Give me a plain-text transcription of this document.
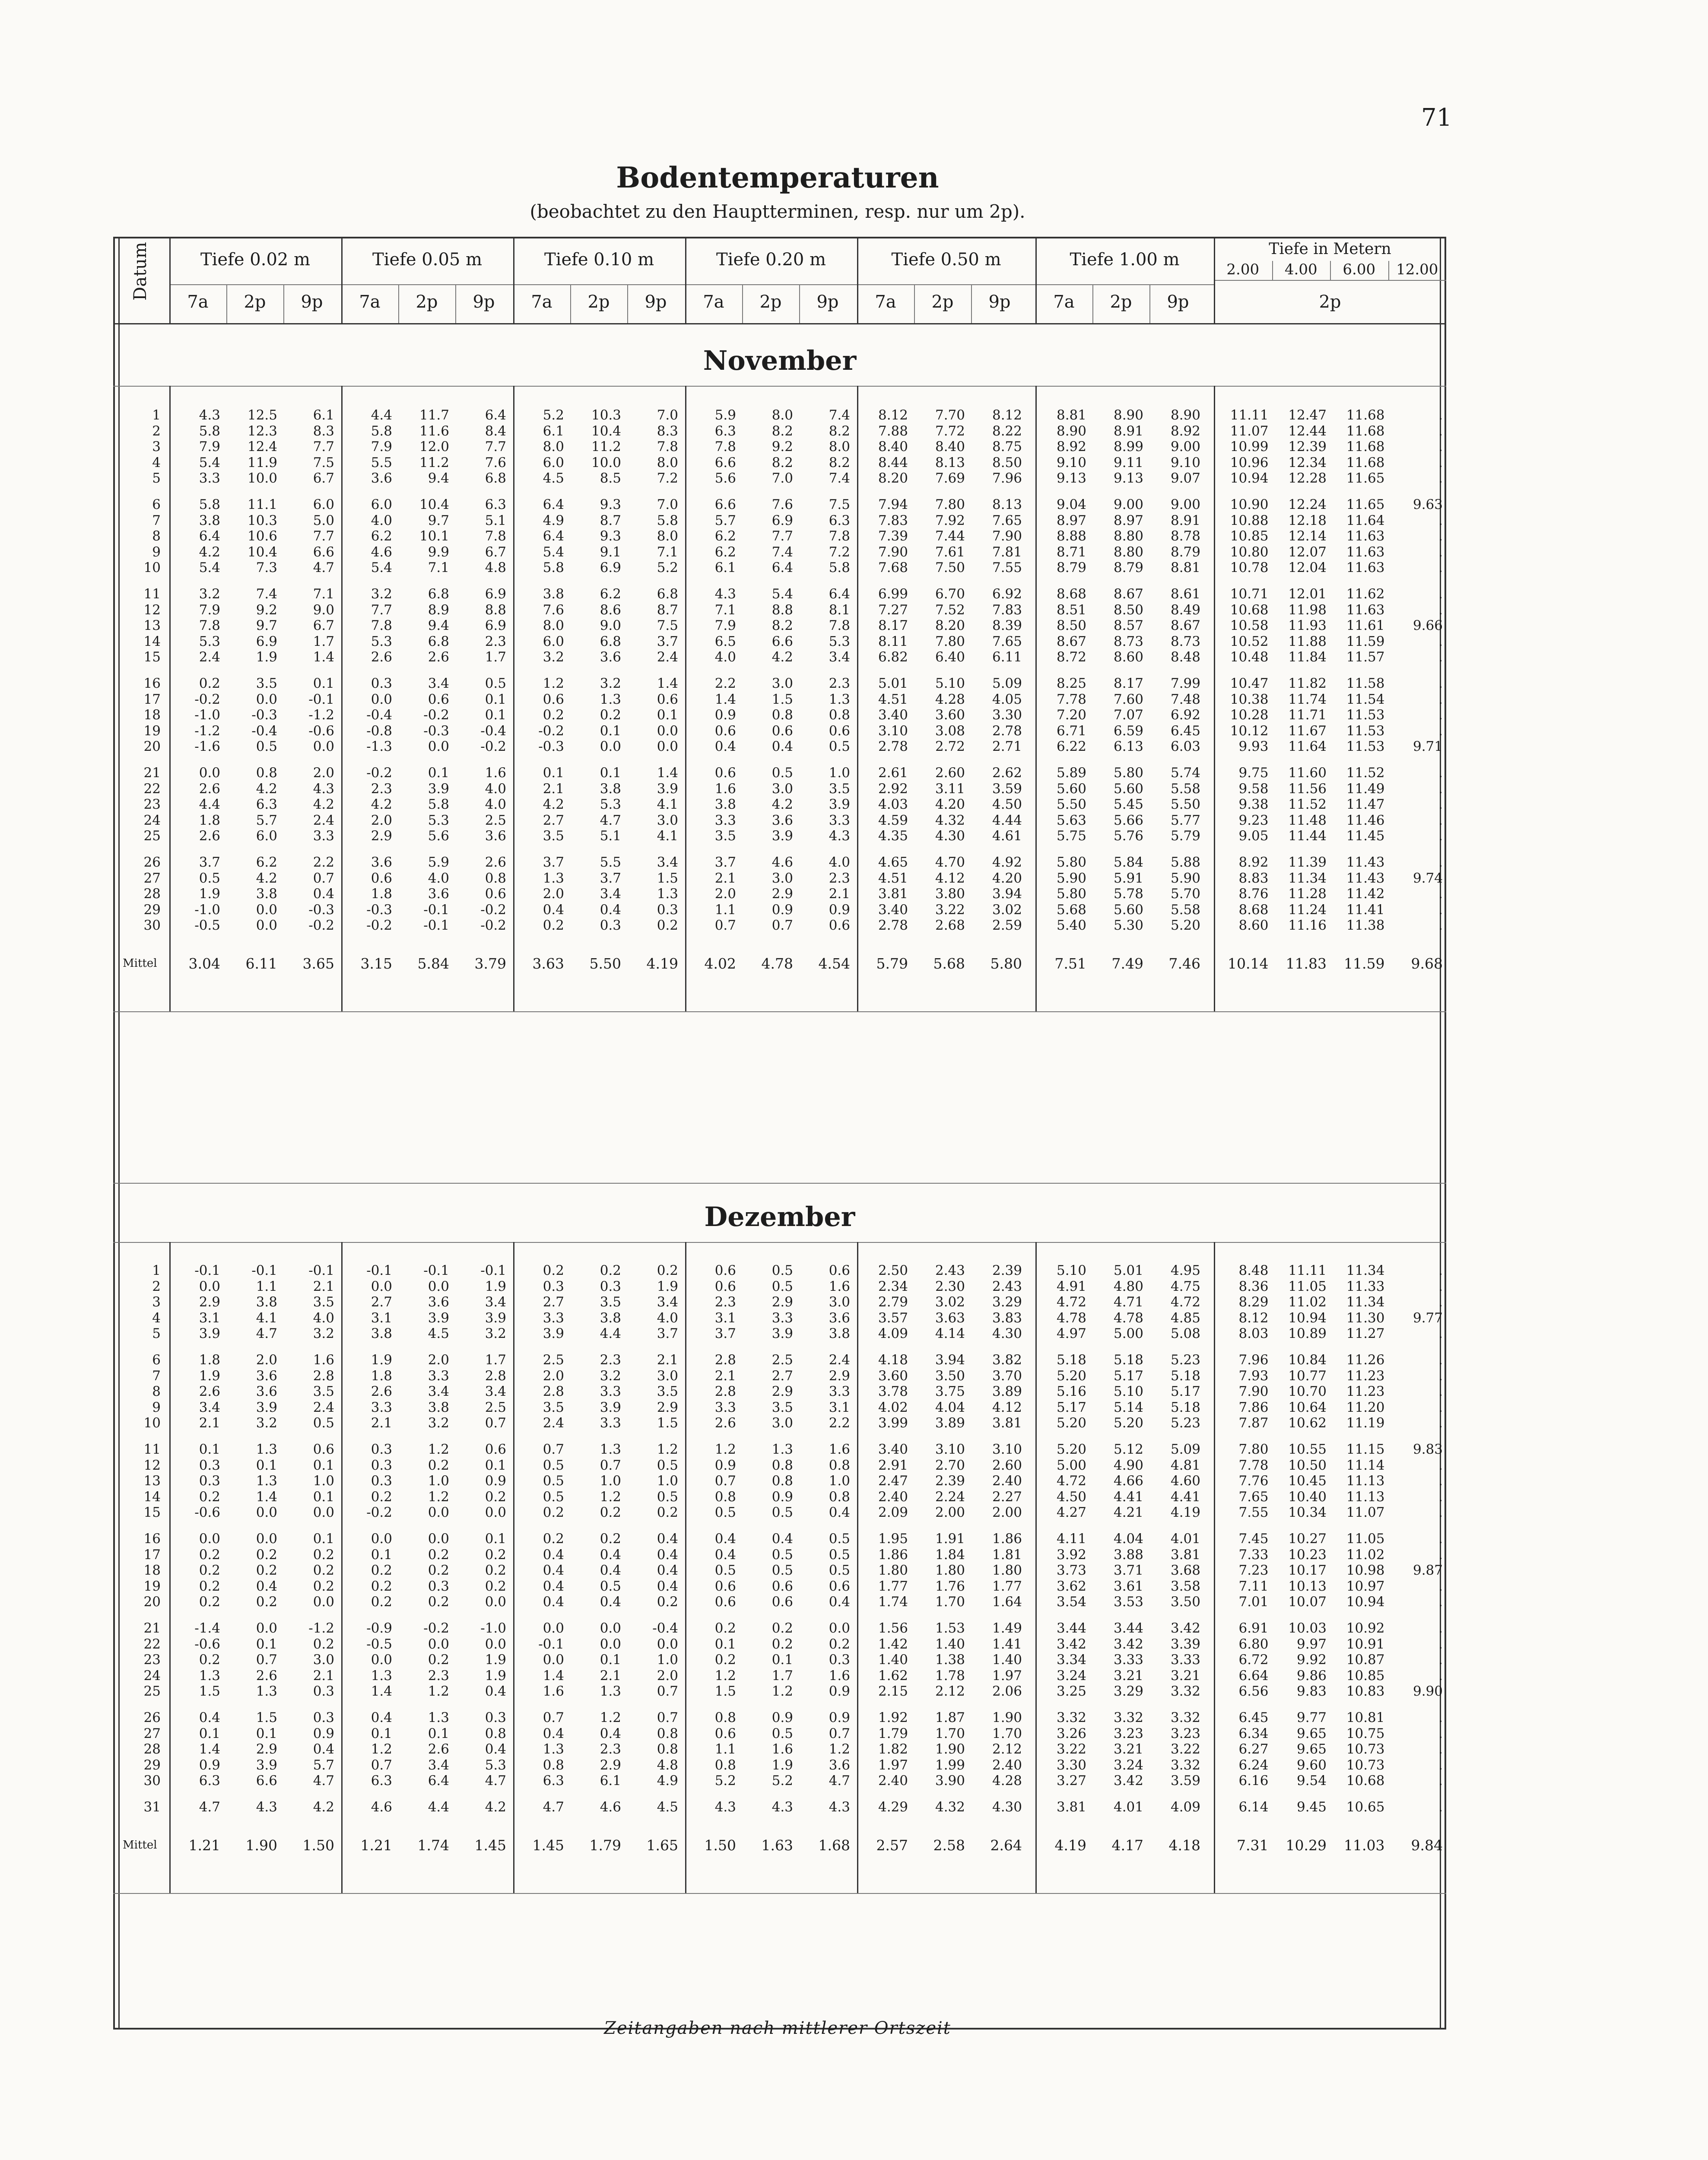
71
Bodentemperaturen
(beobachtet zu den Hauptterminen, resp. nur um 2p).
Datum	Tiefe 0.02 m	Tiefe 0.05 m	Tiefe 0.10 m	Tiefe 0.20 m	Tiefe 0.50 m	Tiefe 1.00 m
Tiefe in Metern
2.00	4.00	6.00	12.00
7a	2p	9p	7a	2p	9p	7a	2p	9p	7a	2p	9p	7a	2p	9p	7a	2p	9p	2p
November
1	4.3	12.5	6.1	4.4	11.7	6.4	5.2	10.3	7.0	5.9	8.0	7.4	8.12	7.70	8.12	8.81	8.90	8.90	11.11	12.47	11.68	.
2	5.8	12.3	8.3	5.8	11.6	8.4	6.1	10.4	8.3	6.3	8.2	8.2	7.88	7.72	8.22	8.90	8.91	8.92	11.07	12.44	11.68	.
3	7.9	12.4	7.7	7.9	12.0	7.7	8.0	11.2	7.8	7.8	9.2	8.0	8.40	8.40	8.75	8.92	8.99	9.00	10.99	12.39	11.68	.
4	5.4	11.9	7.5	5.5	11.2	7.6	6.0	10.0	8.0	6.6	8.2	8.2	8.44	8.13	8.50	9.10	9.11	9.10	10.96	12.34	11.68	.
5	3.3	10.0	6.7	3.6	9.4	6.8	4.5	8.5	7.2	5.6	7.0	7.4	8.20	7.69	7.96	9.13	9.13	9.07	10.94	12.28	11.65	.
6	5.8	11.1	6.0	6.0	10.4	6.3	6.4	9.3	7.0	6.6	7.6	7.5	7.94	7.80	8.13	9.04	9.00	9.00	10.90	12.24	11.65	9.63
7	3.8	10.3	5.0	4.0	9.7	5.1	4.9	8.7	5.8	5.7	6.9	6.3	7.83	7.92	7.65	8.97	8.97	8.91	10.88	12.18	11.64	.
8	6.4	10.6	7.7	6.2	10.1	7.8	6.4	9.3	8.0	6.2	7.7	7.8	7.39	7.44	7.90	8.88	8.80	8.78	10.85	12.14	11.63	.
9	4.2	10.4	6.6	4.6	9.9	6.7	5.4	9.1	7.1	6.2	7.4	7.2	7.90	7.61	7.81	8.71	8.80	8.79	10.80	12.07	11.63	.
10	5.4	7.3	4.7	5.4	7.1	4.8	5.8	6.9	5.2	6.1	6.4	5.8	7.68	7.50	7.55	8.79	8.79	8.81	10.78	12.04	11.63	.
11	3.2	7.4	7.1	3.2	6.8	6.9	3.8	6.2	6.8	4.3	5.4	6.4	6.99	6.70	6.92	8.68	8.67	8.61	10.71	12.01	11.62	.
12	7.9	9.2	9.0	7.7	8.9	8.8	7.6	8.6	8.7	7.1	8.8	8.1	7.27	7.52	7.83	8.51	8.50	8.49	10.68	11.98	11.63	.
13	7.8	9.7	6.7	7.8	9.4	6.9	8.0	9.0	7.5	7.9	8.2	7.8	8.17	8.20	8.39	8.50	8.57	8.67	10.58	11.93	11.61	9.66
14	5.3	6.9	1.7	5.3	6.8	2.3	6.0	6.8	3.7	6.5	6.6	5.3	8.11	7.80	7.65	8.67	8.73	8.73	10.52	11.88	11.59	.
15	2.4	1.9	1.4	2.6	2.6	1.7	3.2	3.6	2.4	4.0	4.2	3.4	6.82	6.40	6.11	8.72	8.60	8.48	10.48	11.84	11.57	.
16	0.2	3.5	0.1	0.3	3.4	0.5	1.2	3.2	1.4	2.2	3.0	2.3	5.01	5.10	5.09	8.25	8.17	7.99	10.47	11.82	11.58	.
17	-0.2	0.0	-0.1	0.0	0.6	0.1	0.6	1.3	0.6	1.4	1.5	1.3	4.51	4.28	4.05	7.78	7.60	7.48	10.38	11.74	11.54	.
18	-1.0	-0.3	-1.2	-0.4	-0.2	0.1	0.2	0.2	0.1	0.9	0.8	0.8	3.40	3.60	3.30	7.20	7.07	6.92	10.28	11.71	11.53	.
19	-1.2	-0.4	-0.6	-0.8	-0.3	-0.4	-0.2	0.1	0.0	0.6	0.6	0.6	3.10	3.08	2.78	6.71	6.59	6.45	10.12	11.67	11.53	.
20	-1.6	0.5	0.0	-1.3	0.0	-0.2	-0.3	0.0	0.0	0.4	0.4	0.5	2.78	2.72	2.71	6.22	6.13	6.03	9.93	11.64	11.53	9.71
21	0.0	0.8	2.0	-0.2	0.1	1.6	0.1	0.1	1.4	0.6	0.5	1.0	2.61	2.60	2.62	5.89	5.80	5.74	9.75	11.60	11.52	.
22	2.6	4.2	4.3	2.3	3.9	4.0	2.1	3.8	3.9	1.6	3.0	3.5	2.92	3.11	3.59	5.60	5.60	5.58	9.58	11.56	11.49	.
23	4.4	6.3	4.2	4.2	5.8	4.0	4.2	5.3	4.1	3.8	4.2	3.9	4.03	4.20	4.50	5.50	5.45	5.50	9.38	11.52	11.47	.
24	1.8	5.7	2.4	2.0	5.3	2.5	2.7	4.7	3.0	3.3	3.6	3.3	4.59	4.32	4.44	5.63	5.66	5.77	9.23	11.48	11.46	.
25	2.6	6.0	3.3	2.9	5.6	3.6	3.5	5.1	4.1	3.5	3.9	4.3	4.35	4.30	4.61	5.75	5.76	5.79	9.05	11.44	11.45	.
26	3.7	6.2	2.2	3.6	5.9	2.6	3.7	5.5	3.4	3.7	4.6	4.0	4.65	4.70	4.92	5.80	5.84	5.88	8.92	11.39	11.43	.
27	0.5	4.2	0.7	0.6	4.0	0.8	1.3	3.7	1.5	2.1	3.0	2.3	4.51	4.12	4.20	5.90	5.91	5.90	8.83	11.34	11.43	9.74
28	1.9	3.8	0.4	1.8	3.6	0.6	2.0	3.4	1.3	2.0	2.9	2.1	3.81	3.80	3.94	5.80	5.78	5.70	8.76	11.28	11.42	.
29	-1.0	0.0	-0.3	-0.3	-0.1	-0.2	0.4	0.4	0.3	1.1	0.9	0.9	3.40	3.22	3.02	5.68	5.60	5.58	8.68	11.24	11.41	.
30	-0.5	0.0	-0.2	-0.2	-0.1	-0.2	0.2	0.3	0.2	0.7	0.7	0.6	2.78	2.68	2.59	5.40	5.30	5.20	8.60	11.16	11.38	.
Mittel	3.04	6.11	3.65	3.15	5.84	3.79	3.63	5.50	4.19	4.02	4.78	4.54	5.79	5.68	5.80	7.51	7.49	7.46	10.14	11.83	11.59	9.68
Dezember
1	-0.1	-0.1	-0.1	-0.1	-0.1	-0.1	0.2	0.2	0.2	0.6	0.5	0.6	2.50	2.43	2.39	5.10	5.01	4.95	8.48	11.11	11.34	.
2	0.0	1.1	2.1	0.0	0.0	1.9	0.3	0.3	1.9	0.6	0.5	1.6	2.34	2.30	2.43	4.91	4.80	4.75	8.36	11.05	11.33	.
3	2.9	3.8	3.5	2.7	3.6	3.4	2.7	3.5	3.4	2.3	2.9	3.0	2.79	3.02	3.29	4.72	4.71	4.72	8.29	11.02	11.34	.
4	3.1	4.1	4.0	3.1	3.9	3.9	3.3	3.8	4.0	3.1	3.3	3.6	3.57	3.63	3.83	4.78	4.78	4.85	8.12	10.94	11.30	9.77
5	3.9	4.7	3.2	3.8	4.5	3.2	3.9	4.4	3.7	3.7	3.9	3.8	4.09	4.14	4.30	4.97	5.00	5.08	8.03	10.89	11.27	.
6	1.8	2.0	1.6	1.9	2.0	1.7	2.5	2.3	2.1	2.8	2.5	2.4	4.18	3.94	3.82	5.18	5.18	5.23	7.96	10.84	11.26	.
7	1.9	3.6	2.8	1.8	3.3	2.8	2.0	3.2	3.0	2.1	2.7	2.9	3.60	3.50	3.70	5.20	5.17	5.18	7.93	10.77	11.23	.
8	2.6	3.6	3.5	2.6	3.4	3.4	2.8	3.3	3.5	2.8	2.9	3.3	3.78	3.75	3.89	5.16	5.10	5.17	7.90	10.70	11.23	.
9	3.4	3.9	2.4	3.3	3.8	2.5	3.5	3.9	2.9	3.3	3.5	3.1	4.02	4.04	4.12	5.17	5.14	5.18	7.86	10.64	11.20	.
10	2.1	3.2	0.5	2.1	3.2	0.7	2.4	3.3	1.5	2.6	3.0	2.2	3.99	3.89	3.81	5.20	5.20	5.23	7.87	10.62	11.19	.
11	0.1	1.3	0.6	0.3	1.2	0.6	0.7	1.3	1.2	1.2	1.3	1.6	3.40	3.10	3.10	5.20	5.12	5.09	7.80	10.55	11.15	9.83
12	0.3	0.1	0.1	0.3	0.2	0.1	0.5	0.7	0.5	0.9	0.8	0.8	2.91	2.70	2.60	5.00	4.90	4.81	7.78	10.50	11.14	.
13	0.3	1.3	1.0	0.3	1.0	0.9	0.5	1.0	1.0	0.7	0.8	1.0	2.47	2.39	2.40	4.72	4.66	4.60	7.76	10.45	11.13	.
14	0.2	1.4	0.1	0.2	1.2	0.2	0.5	1.2	0.5	0.8	0.9	0.8	2.40	2.24	2.27	4.50	4.41	4.41	7.65	10.40	11.13	.
15	-0.6	0.0	0.0	-0.2	0.0	0.0	0.2	0.2	0.2	0.5	0.5	0.4	2.09	2.00	2.00	4.27	4.21	4.19	7.55	10.34	11.07	.
16	0.0	0.0	0.1	0.0	0.0	0.1	0.2	0.2	0.4	0.4	0.4	0.5	1.95	1.91	1.86	4.11	4.04	4.01	7.45	10.27	11.05	.
17	0.2	0.2	0.2	0.1	0.2	0.2	0.4	0.4	0.4	0.4	0.5	0.5	1.86	1.84	1.81	3.92	3.88	3.81	7.33	10.23	11.02	.
18	0.2	0.2	0.2	0.2	0.2	0.2	0.4	0.4	0.4	0.5	0.5	0.5	1.80	1.80	1.80	3.73	3.71	3.68	7.23	10.17	10.98	9.87
19	0.2	0.4	0.2	0.2	0.3	0.2	0.4	0.5	0.4	0.6	0.6	0.6	1.77	1.76	1.77	3.62	3.61	3.58	7.11	10.13	10.97	.
20	0.2	0.2	0.0	0.2	0.2	0.0	0.4	0.4	0.2	0.6	0.6	0.4	1.74	1.70	1.64	3.54	3.53	3.50	7.01	10.07	10.94	.
21	-1.4	0.0	-1.2	-0.9	-0.2	-1.0	0.0	0.0	-0.4	0.2	0.2	0.0	1.56	1.53	1.49	3.44	3.44	3.42	6.91	10.03	10.92	.
22	-0.6	0.1	0.2	-0.5	0.0	0.0	-0.1	0.0	0.0	0.1	0.2	0.2	1.42	1.40	1.41	3.42	3.42	3.39	6.80	9.97	10.91	.
23	0.2	0.7	3.0	0.0	0.2	1.9	0.0	0.1	1.0	0.2	0.1	0.3	1.40	1.38	1.40	3.34	3.33	3.33	6.72	9.92	10.87	.
24	1.3	2.6	2.1	1.3	2.3	1.9	1.4	2.1	2.0	1.2	1.7	1.6	1.62	1.78	1.97	3.24	3.21	3.21	6.64	9.86	10.85	.
25	1.5	1.3	0.3	1.4	1.2	0.4	1.6	1.3	0.7	1.5	1.2	0.9	2.15	2.12	2.06	3.25	3.29	3.32	6.56	9.83	10.83	9.90
26	0.4	1.5	0.3	0.4	1.3	0.3	0.7	1.2	0.7	0.8	0.9	0.9	1.92	1.87	1.90	3.32	3.32	3.32	6.45	9.77	10.81	.
27	0.1	0.1	0.9	0.1	0.1	0.8	0.4	0.4	0.8	0.6	0.5	0.7	1.79	1.70	1.70	3.26	3.23	3.23	6.34	9.65	10.75	.
28	1.4	2.9	0.4	1.2	2.6	0.4	1.3	2.3	0.8	1.1	1.6	1.2	1.82	1.90	2.12	3.22	3.21	3.22	6.27	9.65	10.73	.
29	0.9	3.9	5.7	0.7	3.4	5.3	0.8	2.9	4.8	0.8	1.9	3.6	1.97	1.99	2.40	3.30	3.24	3.32	6.24	9.60	10.73	.
30	6.3	6.6	4.7	6.3	6.4	4.7	6.3	6.1	4.9	5.2	5.2	4.7	2.40	3.90	4.28	3.27	3.42	3.59	6.16	9.54	10.68	.
31	4.7	4.3	4.2	4.6	4.4	4.2	4.7	4.6	4.5	4.3	4.3	4.3	4.29	4.32	4.30	3.81	4.01	4.09	6.14	9.45	10.65	.
Mittel	1.21	1.90	1.50	1.21	1.74	1.45	1.45	1.79	1.65	1.50	1.63	1.68	2.57	2.58	2.64	4.19	4.17	4.18	7.31	10.29	11.03	9.84
Zeitangaben nach mittlerer Ortszeit
